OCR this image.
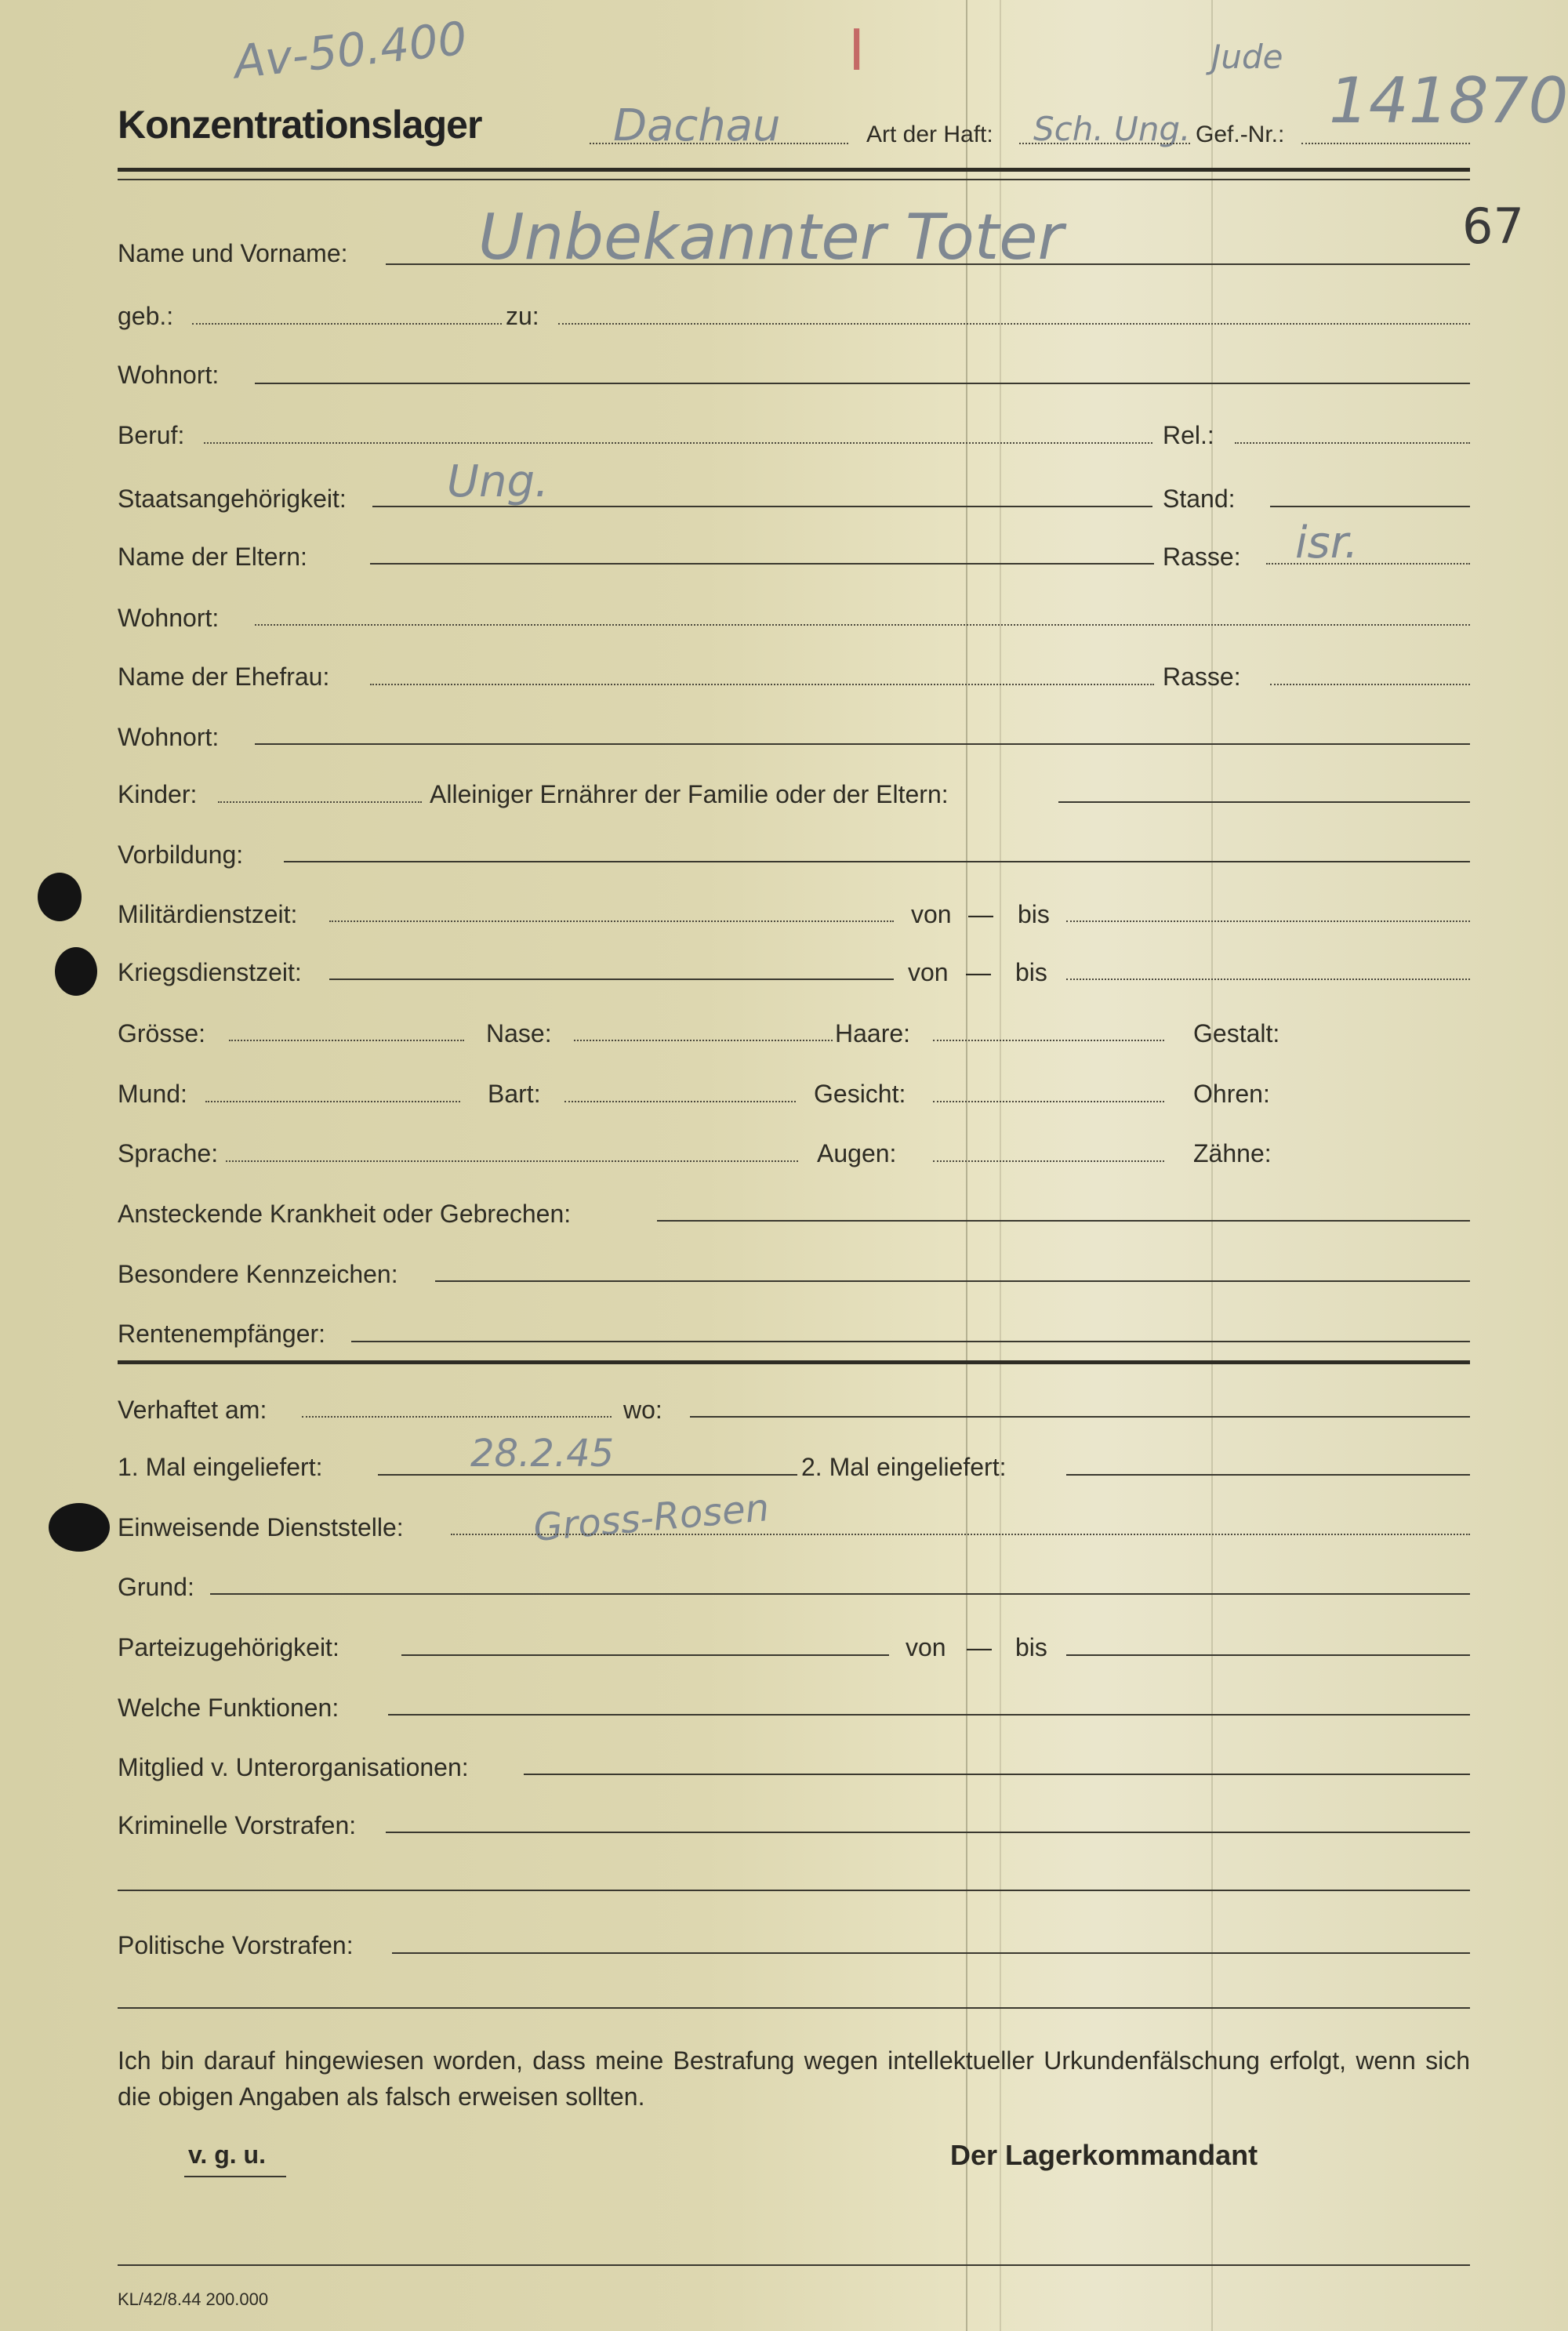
Av-50.400	I	Jude
Konzentrationslager	Dachau	Art der Haft: Sch. Ung. Gef.-Nr.: 141870
67
Name und Vorname: Unbekannter Toter
geb.:	zu:
Wohnort:
Beruf:	Rel.:
Staatsangehörigkeit: Ung.	Stand:
Name der Eltern:	Rasse: isr.
Wohnort:
Name der Ehefrau:	Rasse:
Wohnort:
Kinder:	Alleiniger Ernährer der Familie oder der Eltern:
Vorbildung:
Militärdienstzeit:	von — bis
Kriegsdienstzeit:	von — bis
Grösse:	Nase:	Haare:	Gestalt:
Mund:	Bart:	Gesicht:	Ohren:
Sprache:	Augen:	Zähne:
Ansteckende Krankheit oder Gebrechen:
Besondere Kennzeichen:
Rentenempfänger:
Verhaftet am:	wo:
1. Mal eingeliefert:	28.2.45	2. Mal eingeliefert:
Einweisende Dienststelle:	Gross-Rosen
Grund:
Parteizugehörigkeit:	von — bis
Welche Funktionen:
Mitglied v. Unterorganisationen:
Kriminelle Vorstrafen:
Politische Vorstrafen:
Ich bin darauf hingewiesen worden, dass meine Bestrafung wegen intellektueller Urkundenfälschung erfolgt, wenn sich die obigen Angaben als falsch erweisen sollten.
v. g. u.	Der Lagerkommandant
KL/42/8.44 200.000
